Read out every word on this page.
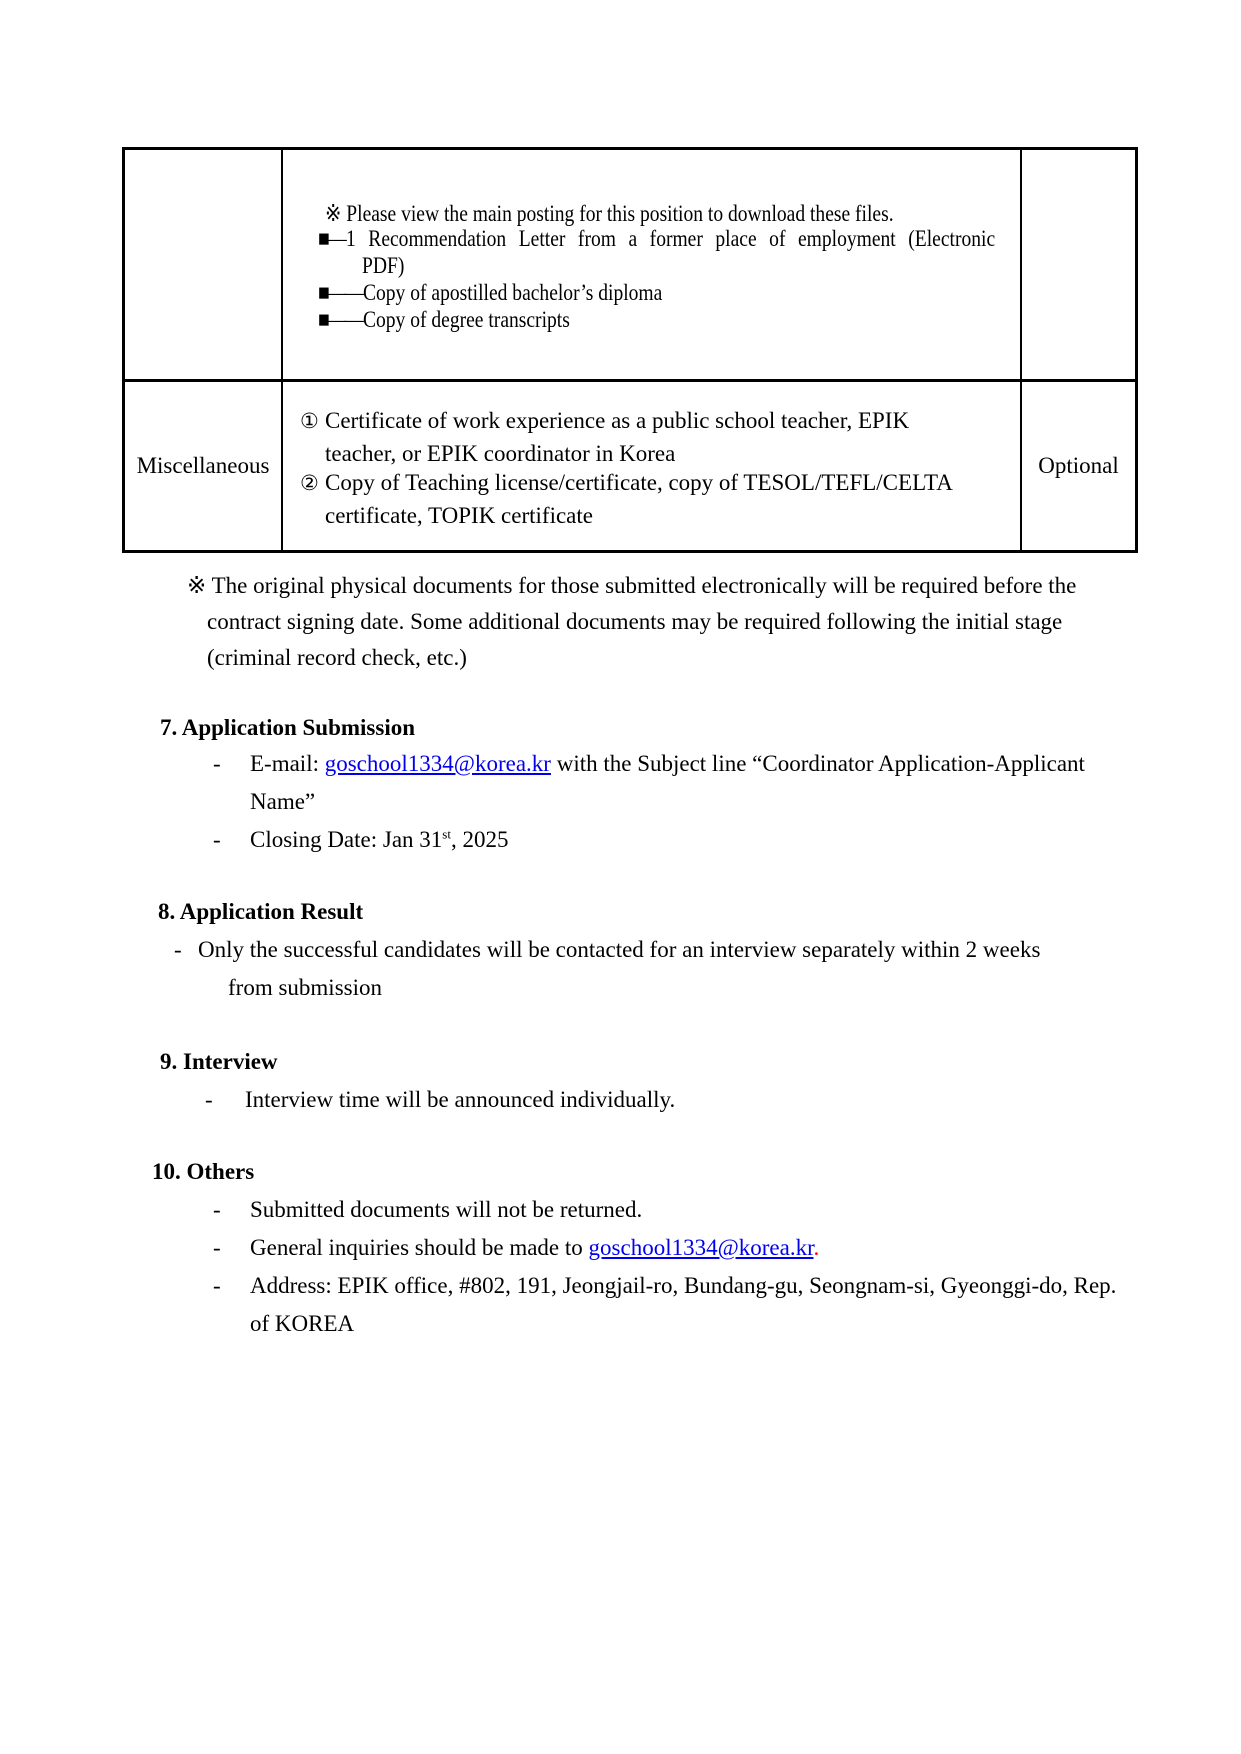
※ Please view the main posting for this position to download these files.
■—1 Recommendation Letter from a former place of employment (Electronic
PDF)
■——Copy of apostilled bachelor’s diploma
■——Copy of degree transcripts
Miscellaneous
① Certificate of work experience as a public school teacher, EPIK
teacher, or EPIK coordinator in Korea
② Copy of Teaching license/certificate, copy of TESOL/TEFL/CELTA
certificate, TOPIK certificate
Optional
※ The original physical documents for those submitted electronically will be required before the
contract signing date. Some additional documents may be required following the initial stage
(criminal record check, etc.)
7. Application Submission
- E-mail: goschool1334@korea.kr with the Subject line “Coordinator Application-Applicant
Name”
- Closing Date: Jan 31st, 2025
8. Application Result
- Only the successful candidates will be contacted for an interview separately within 2 weeks
from submission
9. Interview
- Interview time will be announced individually.
10. Others
- Submitted documents will not be returned.
- General inquiries should be made to goschool1334@korea.kr.
- Address: EPIK office, #802, 191, Jeongjail-ro, Bundang-gu, Seongnam-si, Gyeonggi-do, Rep.
of KOREA
